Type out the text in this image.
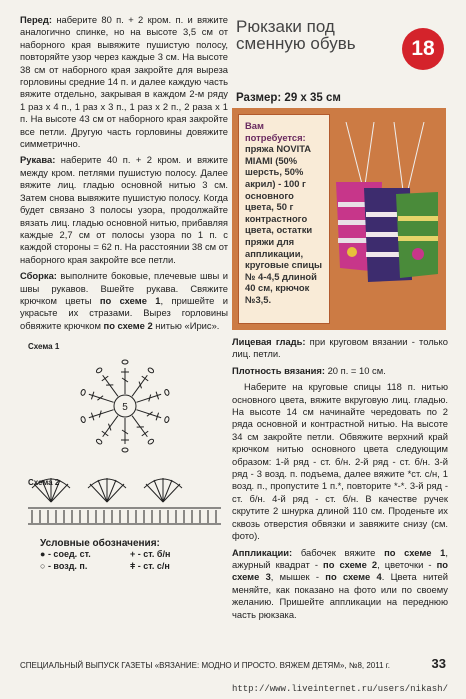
Перед: наберите 80 п. + 2 кром. п. и вяжите аналогично спинке, но на высоте 3,5 см от наборного края вывяжите пушистую полосу, повторяйте узор через каждые 3 см. На высоте 38 см от наборного края закройте для выреза горловины средние 14 п. и далее каждую часть вяжите отдельно, закрывая в каждом 2-м ряду 1 раз x 4 п., 1 раз x 3 п., 1 раз x 2 п., 2 раза x 1 п. На высоте 43 см от наборного края закройте все петли. Другую часть горловины довяжите симметрично.

Рукава: наберите 40 п. + 2 кром. и вяжите между кром. петлями пушистую полосу. Далее вяжите лиц. гладью основной нитью 3 см. Затем снова вывяжите пушистую полосу. Когда будет связано 3 полосы узора, продолжайте вязать лиц. гладью основной нитью, прибавляя каждые 2,7 см от полосы узора по 1 п. с каждой стороны = 62 п. На расстоянии 38 см от наборного края закройте все петли.

Сборка: выполните боковые, плечевые швы и швы рукавов. Вшейте рукава. Свяжите крючком цветы по схеме 1, пришейте и украсьте их стразами. Вырез горловины обвяжите крючком по схеме 2 нитью «Ирис».

Схема 1
5
Схема 2
Условные обозначения:
● - соед. ст.	+ - ст. б/н
○ - возд. п.	ǂ - ст. с/н
Рюкзаки под сменную обувь	18
Размер: 29 x 35 см
Вам потребуется: пряжа NOVITA MIAMI (50% шерсть, 50% акрил) - 100 г основного цвета, 50 г контрастного цвета, остатки пряжи для аппликации, круговые спицы № 4-4,5 длиной 40 см, крючок №3,5.

Лицевая гладь: при круговом вязании - только лиц. петли.

Плотность вязания: 20 п. = 10 см.

Наберите на круговые спицы 118 п. нитью основного цвета, вяжите вкруговую лиц. гладью. На высоте 14 см начинайте чередовать по 2 ряда основной и контрастной нитью. На высоте 34 см закройте петли. Обвяжите верхний край крючком нитью основного цвета следующим образом: 1-й ряд - ст. б/н. 2-й ряд - ст. б/н. 3-й ряд - 3 возд. п. подъема, далее вяжите *ст. с/н, 1 возд. п., пропустите 1 п.*, повторите *-*. 3-й ряд - ст. б/н. 4-й ряд - ст. б/н. В качестве ручек скрутите 2 шнурка длиной 110 см. Проденьте их сквозь отверстия обвязки и завяжите снизу (см. фото).

Аппликации: бабочек вяжите по схеме 1, ажурный квадрат - по схеме 2, цветочки - по схеме 3, мышек - по схеме 4. Цвета нитей меняйте, как показано на фото или по своему желанию. Пришейте аппликации на переднюю часть рюкзака.

СПЕЦИАЛЬНЫЙ ВЫПУСК ГАЗЕТЫ «ВЯЗАНИЕ: МОДНО И ПРОСТО. ВЯЖЕМ ДЕТЯМ», №8, 2011 г.	33
http://www.liveinternet.ru/users/nikash/
